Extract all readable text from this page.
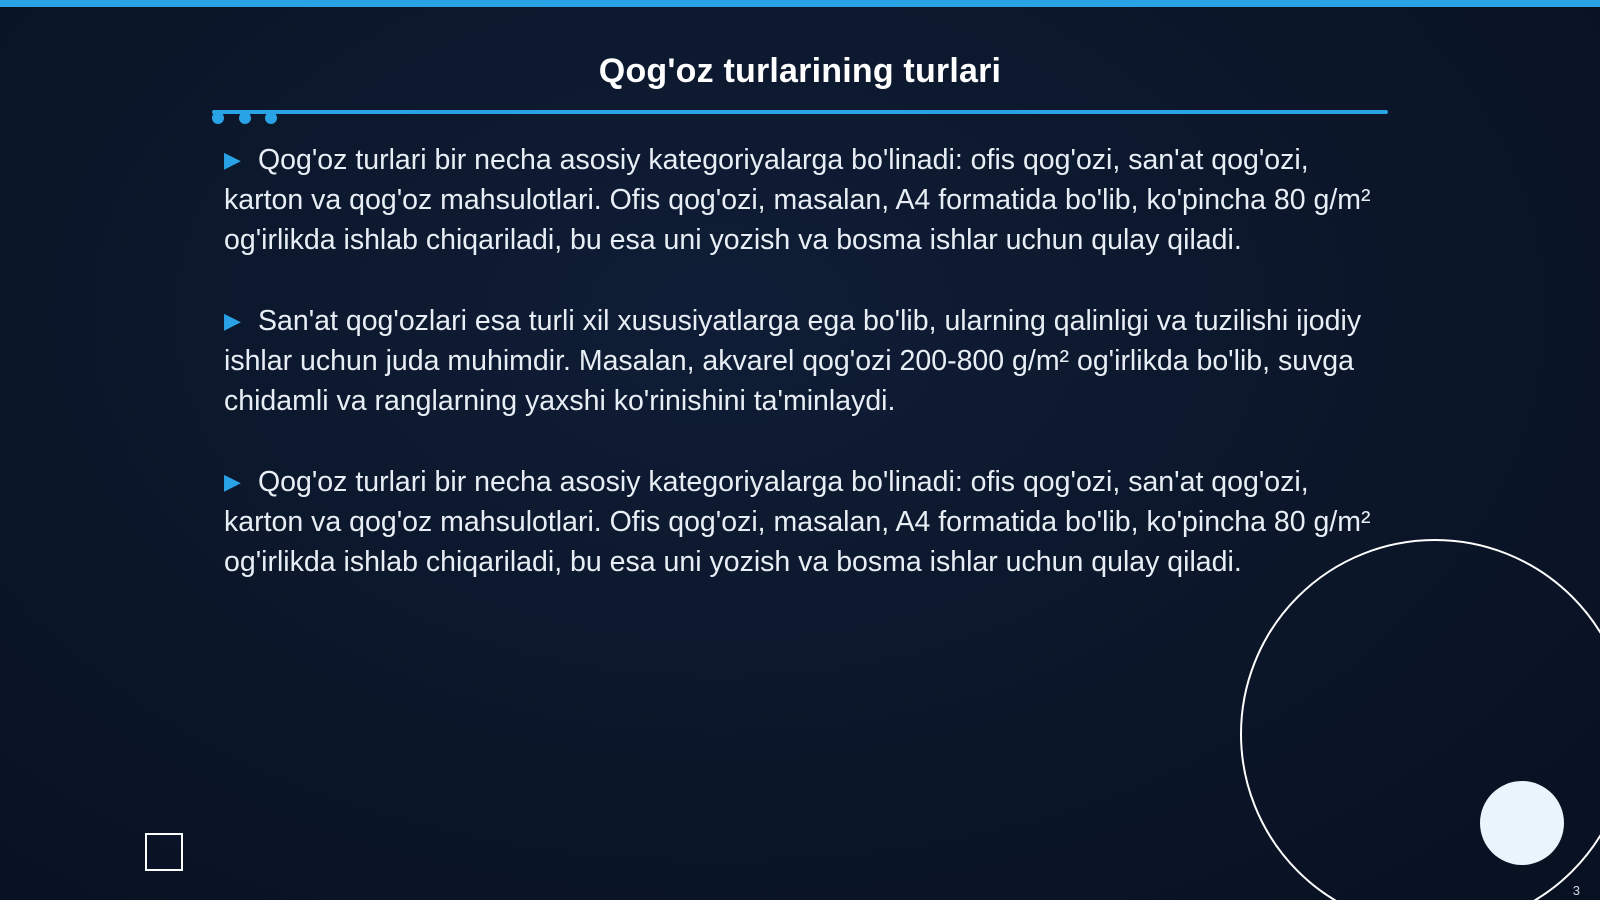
Qog'oz turlarining turlari

▶ Qog'oz turlari bir necha asosiy kategoriyalarga bo'linadi: ofis qog'ozi, san'at qog'ozi, karton va qog'oz mahsulotlari. Ofis qog'ozi, masalan, A4 formatida bo'lib, ko'pincha 80 g/m² og'irlikda ishlab chiqariladi, bu esa uni yozish va bosma ishlar uchun qulay qiladi.

▶ San'at qog'ozlari esa turli xil xususiyatlarga ega bo'lib, ularning qalinligi va tuzilishi ijodiy ishlar uchun juda muhimdir. Masalan, akvarel qog'ozi 200-800 g/m² og'irlikda bo'lib, suvga chidamli va ranglarning yaxshi ko'rinishini ta'minlaydi.

▶ Qog'oz turlari bir necha asosiy kategoriyalarga bo'linadi: ofis qog'ozi, san'at qog'ozi, karton va qog'oz mahsulotlari. Ofis qog'ozi, masalan, A4 formatida bo'lib, ko'pincha 80 g/m² og'irlikda ishlab chiqariladi, bu esa uni yozish va bosma ishlar uchun qulay qiladi.

3
